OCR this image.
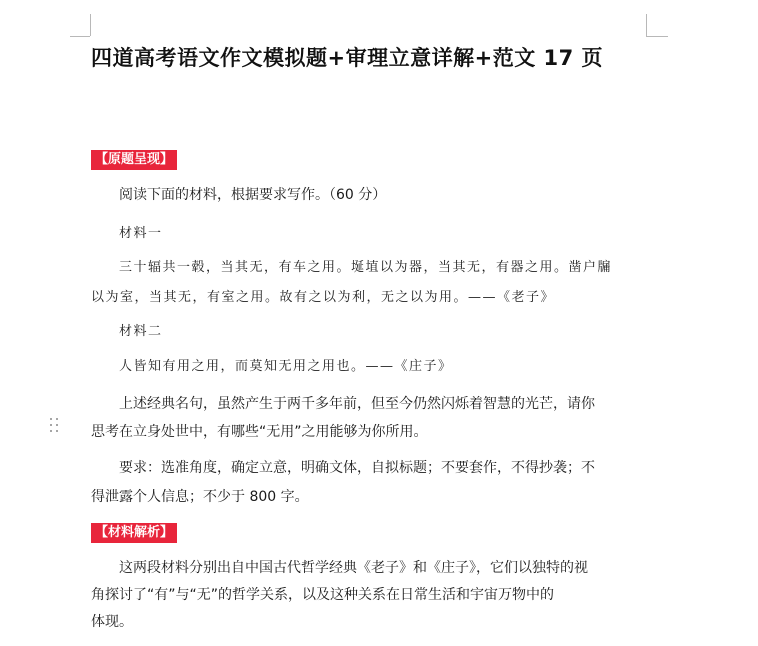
四道高考语文作文模拟题+审理立意详解+范文 17 页
【原题呈现】
阅读下面的材料，根据要求写作。（60 分）
材料一
三十辐共一毂，当其无，有车之用。埏埴以为器，当其无，有器之用。凿户牖
以为室，当其无，有室之用。故有之以为利，无之以为用。——《老子》
材料二
人皆知有用之用，而莫知无用之用也。——《庄子》
上述经典名句，虽然产生于两千多年前，但至今仍然闪烁着智慧的光芒，请你
思考在立身处世中，有哪些“无用”之用能够为你所用。
要求：选准角度，确定立意，明确文体，自拟标题；不要套作，不得抄袭；不
得泄露个人信息；不少于 800 字。
【材料解析】
这两段材料分别出自中国古代哲学经典《老子》和《庄子》，它们以独特的视
角探讨了“有”与“无”的哲学关系，以及这种关系在日常生活和宇宙万物中的
体现。
